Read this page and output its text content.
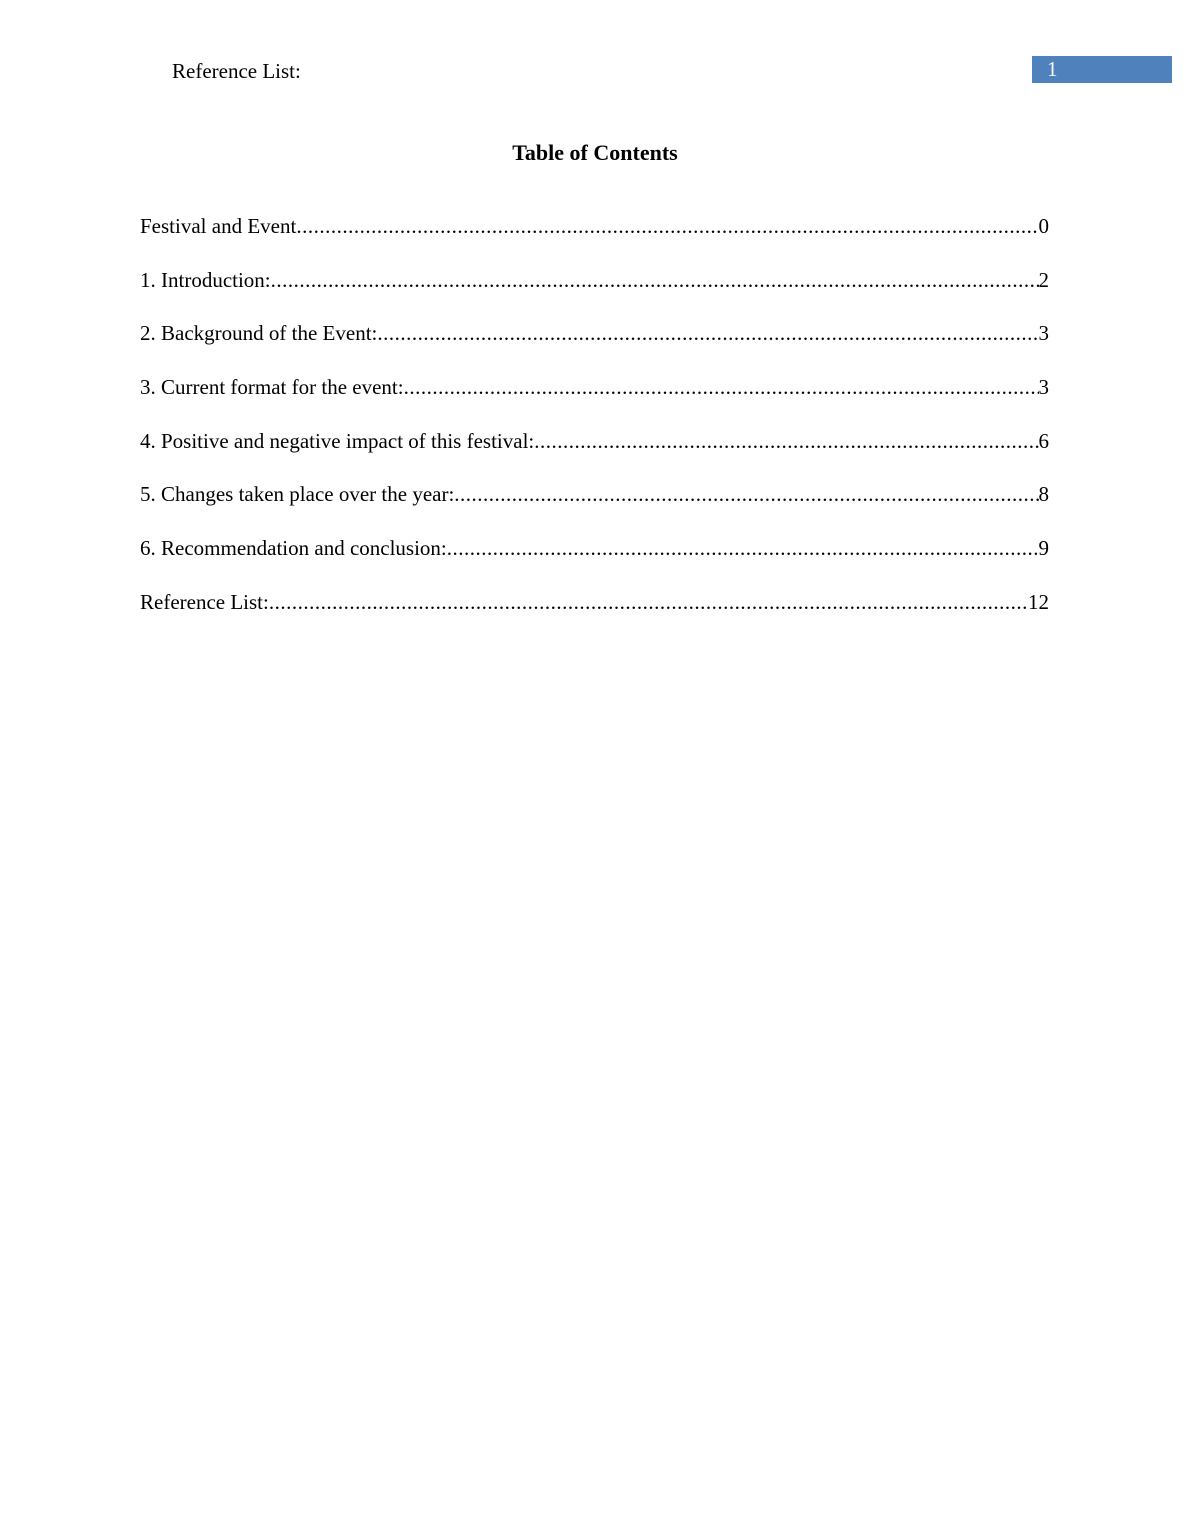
Reference List:	1
Table of Contents
Festival and Event .....	0
1. Introduction: .....	2
2. Background of the Event: .....	3
3. Current format for the event: .....	3
4. Positive and negative impact of this festival: .....	6
5. Changes taken place over the year: .....	8
6. Recommendation and conclusion: .....	9
Reference List: .....	12
